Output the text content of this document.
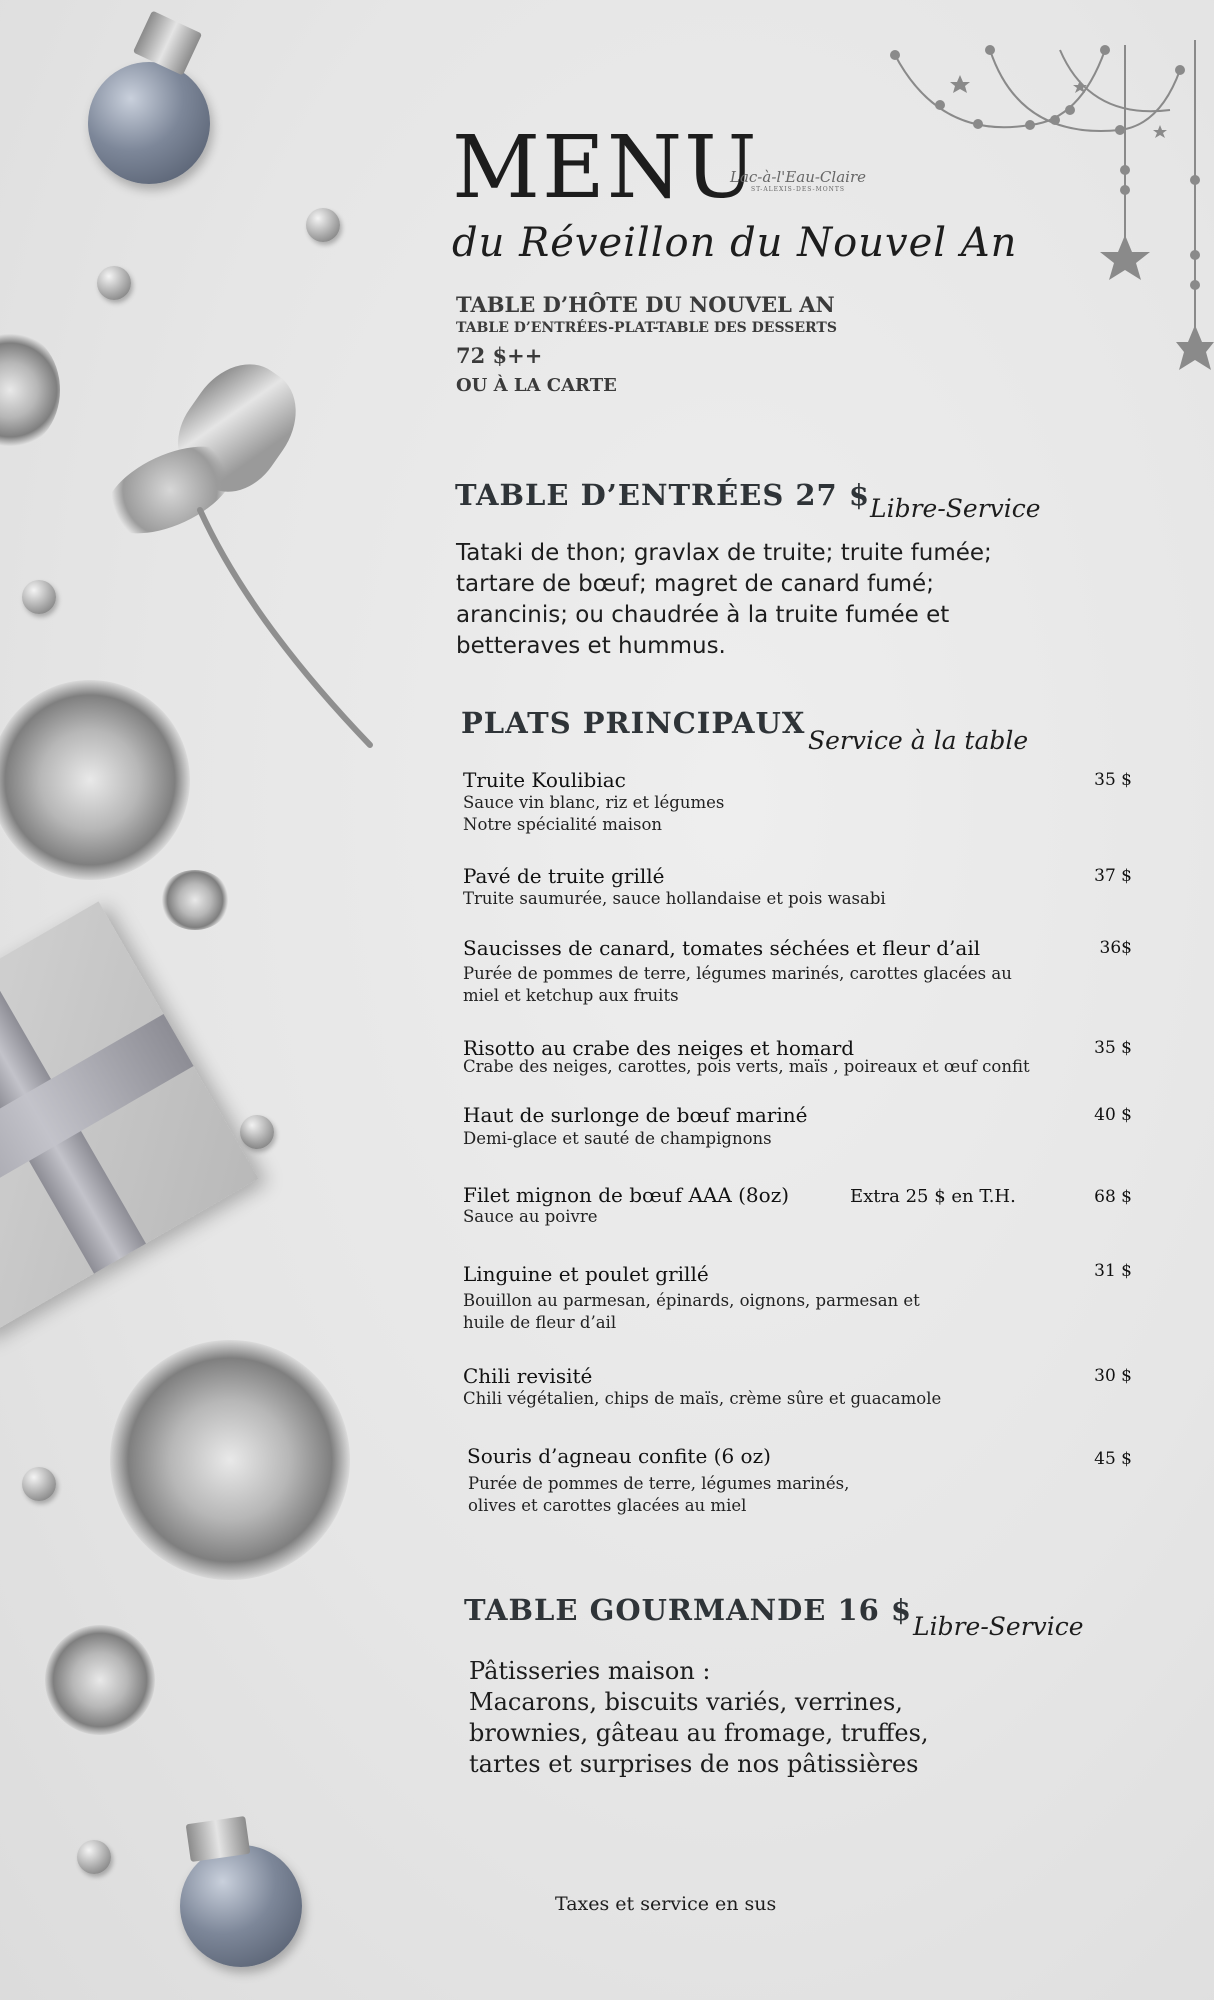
MENU
Lac-à-l'Eau-Claire
ST-ALEXIS-DES-MONTS
du Réveillon du Nouvel An
TABLE D’HÔTE DU NOUVEL AN
TABLE D’ENTRÉES-PLAT-TABLE DES DESSERTS
72 $++
OU À LA CARTE
TABLE D’ENTRÉES 27 $ Libre-Service
Tataki de thon; gravlax de truite; truite fumée;
tartare de bœuf; magret de canard fumé;
arancinis; ou chaudrée à la truite fumée et
betteraves et hummus.
PLATS PRINCIPAUX
Service à la table
Truite Koulibiac
Sauce vin blanc, riz et légumes
Notre spécialité maison
35 $
Pavé de truite grillé
Truite saumurée, sauce hollandaise et pois wasabi
37 $
Saucisses de canard, tomates séchées et fleur d’ail
Purée de pommes de terre, légumes marinés, carottes glacées au
miel et ketchup aux fruits
36$
Risotto au crabe des neiges et homard
Crabe des neiges, carottes, pois verts, maïs , poireaux et œuf confit
35 $
Haut de surlonge de bœuf mariné
Demi-glace et sauté de champignons
40 $
Filet mignon de bœuf AAA (8oz)	Extra 25 $ en T.H.
Sauce au poivre
68 $
Linguine et poulet grillé
Bouillon au parmesan, épinards, oignons, parmesan et
huile de fleur d’ail
31 $
Chili revisité
Chili végétalien, chips de maïs, crème sûre et guacamole
30 $
Souris d’agneau confite (6 oz)
Purée de pommes de terre, légumes marinés,
olives et carottes glacées au miel
45 $
TABLE GOURMANDE 16 $ Libre-Service
Pâtisseries maison :
Macarons, biscuits variés, verrines,
brownies, gâteau au fromage, truffes,
tartes et surprises de nos pâtissières
Taxes et service en sus
